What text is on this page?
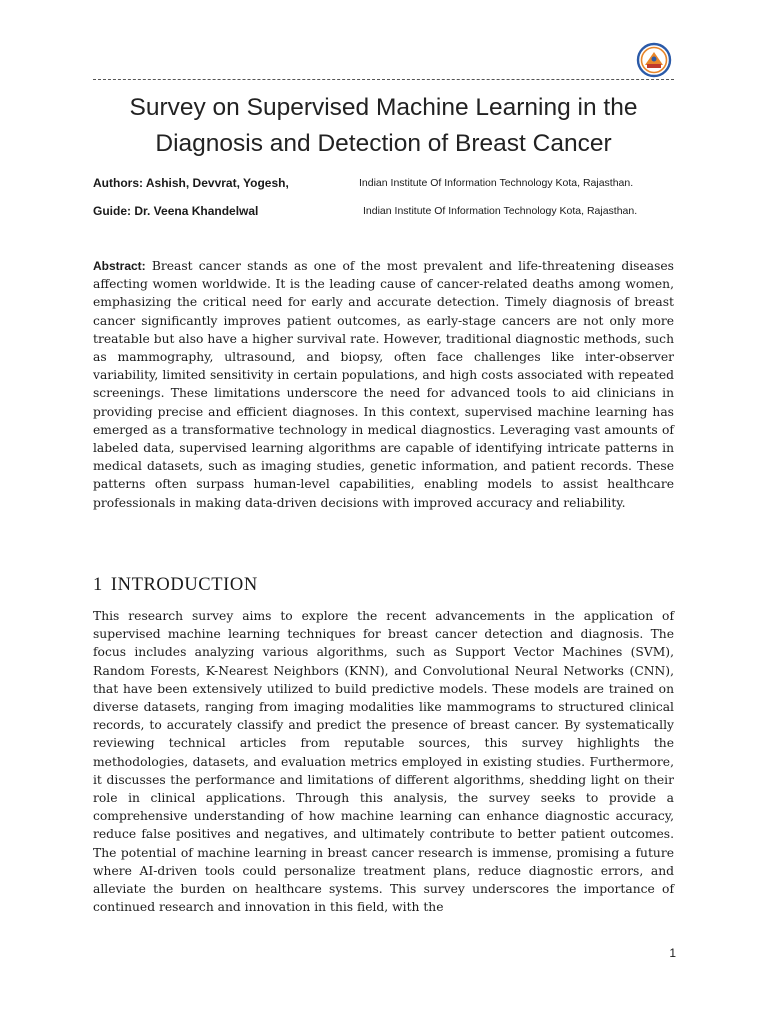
Survey on Supervised Machine Learning in the Diagnosis and Detection of Breast Cancer
Authors: Ashish, Devvrat, Yogesh,	Indian Institute Of Information Technology Kota, Rajasthan.
Guide: Dr. Veena Khandelwal	Indian Institute Of Information Technology Kota, Rajasthan.

Abstract: Breast cancer stands as one of the most prevalent and life-threatening diseases affecting women worldwide. It is the leading cause of cancer-related deaths among women, emphasizing the critical need for early and accurate detection. Timely diagnosis of breast cancer significantly improves patient outcomes, as early-stage cancers are not only more treatable but also have a higher survival rate. However, traditional diagnostic methods, such as mammography, ultrasound, and biopsy, often face challenges like inter-observer variability, limited sensitivity in certain populations, and high costs associated with repeated screenings. These limitations underscore the need for advanced tools to aid clinicians in providing precise and efficient diagnoses. In this context, supervised machine learning has emerged as a transformative technology in medical diagnostics. Leveraging vast amounts of labeled data, supervised learning algorithms are capable of identifying intricate patterns in medical datasets, such as imaging studies, genetic information, and patient records. These patterns often surpass human-level capabilities, enabling models to assist healthcare professionals in making data-driven decisions with improved accuracy and reliability.

1 INTRODUCTION

This research survey aims to explore the recent advancements in the application of supervised machine learning techniques for breast cancer detection and diagnosis. The focus includes analyzing various algorithms, such as Support Vector Machines (SVM), Random Forests, K-Nearest Neighbors (KNN), and Convolutional Neural Networks (CNN), that have been extensively utilized to build predictive models. These models are trained on diverse datasets, ranging from imaging modalities like mammograms to structured clinical records, to accurately classify and predict the presence of breast cancer. By systematically reviewing technical articles from reputable sources, this survey highlights the methodologies, datasets, and evaluation metrics employed in existing studies. Furthermore, it discusses the performance and limitations of different algorithms, shedding light on their role in clinical applications. Through this analysis, the survey seeks to provide a comprehensive understanding of how machine learning can enhance diagnostic accuracy, reduce false positives and negatives, and ultimately contribute to better patient outcomes. The potential of machine learning in breast cancer research is immense, promising a future where AI-driven tools could personalize treatment plans, reduce diagnostic errors, and alleviate the burden on healthcare systems. This survey underscores the importance of continued research and innovation in this field, with the

1
